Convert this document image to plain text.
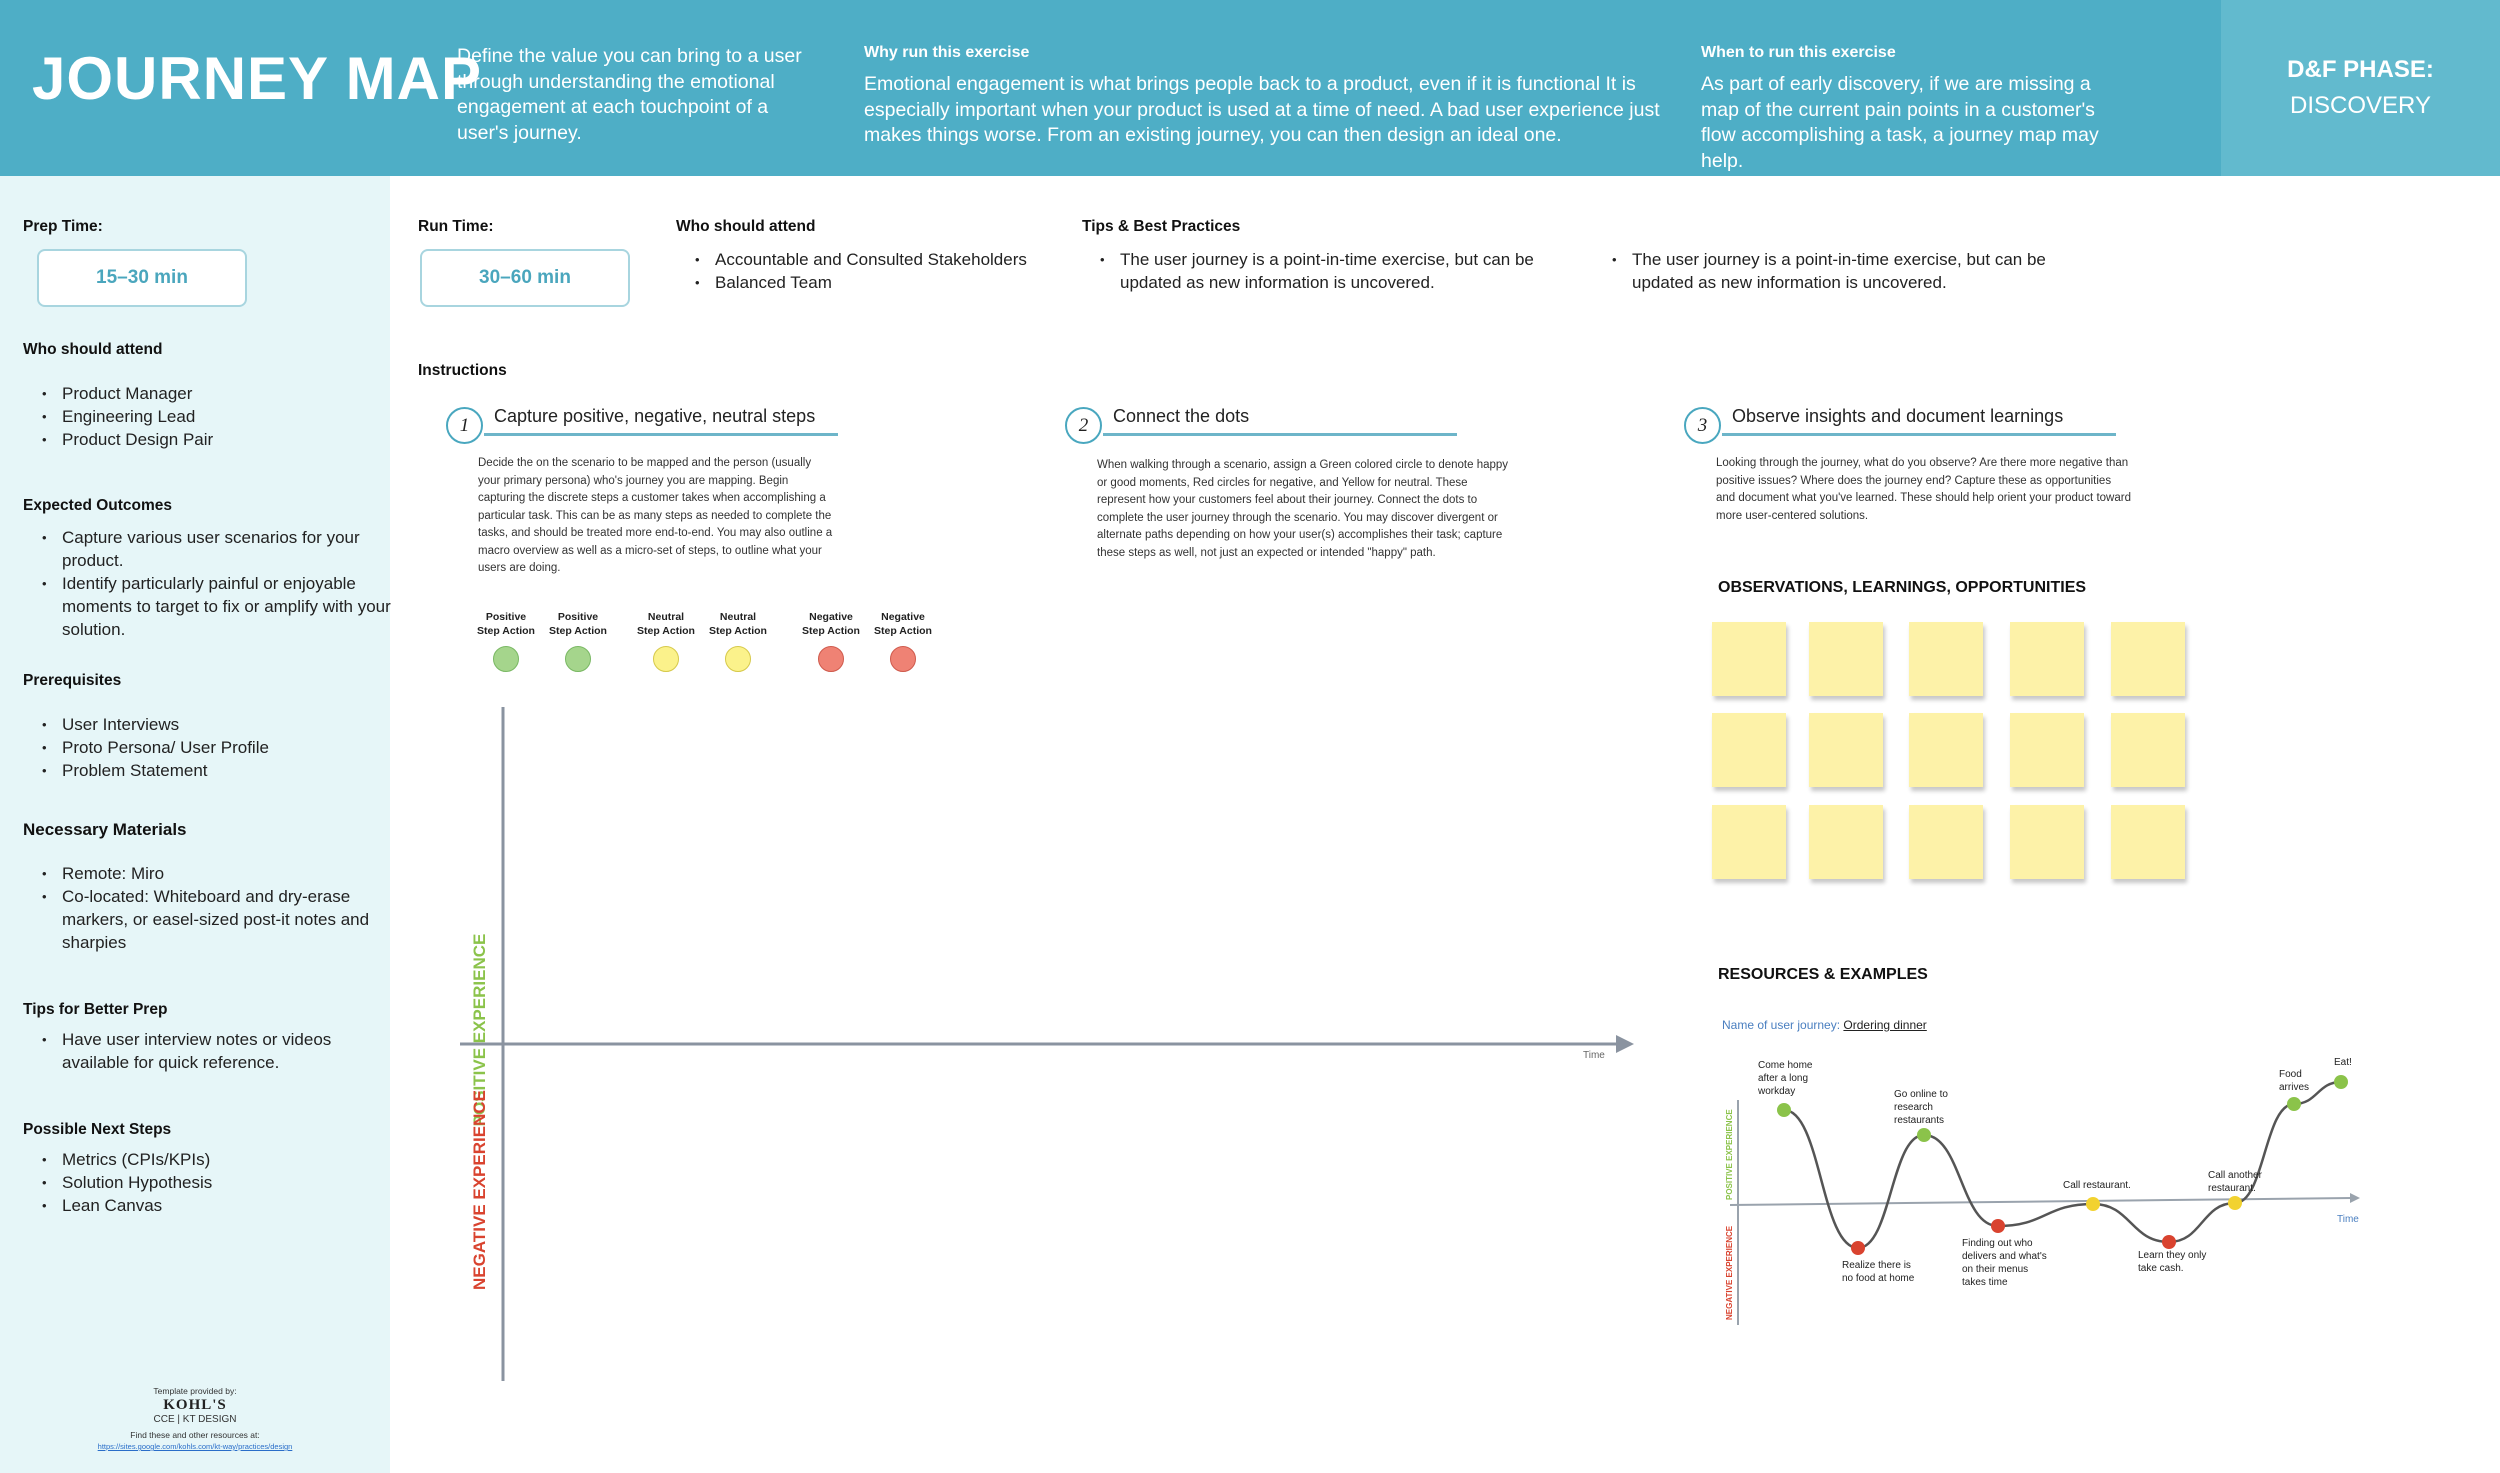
JOURNEY MAP
Define the value you can bring to a user through understanding the emotional engagement at each touchpoint of a user's journey.
Why run this exercise
Emotional engagement is what brings people back to a product, even if it is functional It is especially important when your product is used at a time of need. A bad user experience just makes things worse. From an existing journey, you can then design an ideal one.
When to run this exercise
As part of early discovery, if we are missing a map of the current pain points in a customer's flow accomplishing a task, a journey map may help.
D&F PHASE:
DISCOVERY
Prep Time:
15–30 min
Who should attend
• Product Manager
• Engineering Lead
• Product Design Pair
Expected Outcomes
• Capture various user scenarios for your product.
• Identify particularly painful or enjoyable moments to target to fix or amplify with your solution.
Prerequisites
• User Interviews
• Proto Persona/ User Profile
• Problem Statement
Necessary Materials
• Remote: Miro
• Co-located: Whiteboard and dry-erase markers, or easel-sized post-it notes and sharpies
Tips for Better Prep
• Have user interview notes or videos available for quick reference.
Possible Next Steps
• Metrics (CPIs/KPIs)
• Solution Hypothesis
• Lean Canvas
Template provided by:
KOHL'S
CCE | KT DESIGN
Find these and other resources at:
https://sites.google.com/kohls.com/kt-way/practices/design
Run Time:
30–60 min
Who should attend
• Accountable and Consulted Stakeholders
• Balanced Team
Tips & Best Practices
• The user journey is a point-in-time exercise, but can be updated as new information is uncovered.
• The user journey is a point-in-time exercise, but can be updated as new information is uncovered.
Instructions
1	Capture positive, negative, neutral steps
Decide the on the scenario to be mapped and the person (usually your primary persona) who's journey you are mapping. Begin capturing the discrete steps a customer takes when accomplishing a particular task. This can be as many steps as needed to complete the tasks, and should be treated more end-to-end. You may also outline a macro overview as well as a micro-set of steps, to outline what your users are doing.
2	Connect the dots
When walking through a scenario, assign a Green colored circle to denote happy or good moments, Red circles for negative, and Yellow for neutral. These represent how your customers feel about their journey. Connect the dots to complete the user journey through the scenario. You may discover divergent or alternate paths depending on how your user(s) accomplishes their task; capture these steps as well, not just an expected or intended "happy" path.
3	Observe insights and document learnings
Looking through the journey, what do you observe? Are there more negative than positive issues? Where does the journey end? Capture these as opportunities and document what you've learned. These should help orient your product toward more user-centered solutions.
Positive
Step Action
Positive
Step Action
Neutral
Step Action
Neutral
Step Action
Negative
Step Action
Negative
Step Action
Time
POSITIVE EXPERIENCE
NEGATIVE EXPERIENCE
OBSERVATIONS, LEARNINGS, OPPORTUNITIES
RESOURCES & EXAMPLES
Name of user journey: Ordering dinner
Come home after a long workday
Realize there is no food at home
Go online to research restaurants
Finding out who delivers and what's on their menus takes time
Call restaurant.
Learn they only take cash.
Call another restaurant.
Food arrives
Eat!
Time
POSITIVE EXPERIENCE
NEGATIVE EXPERIENCE
